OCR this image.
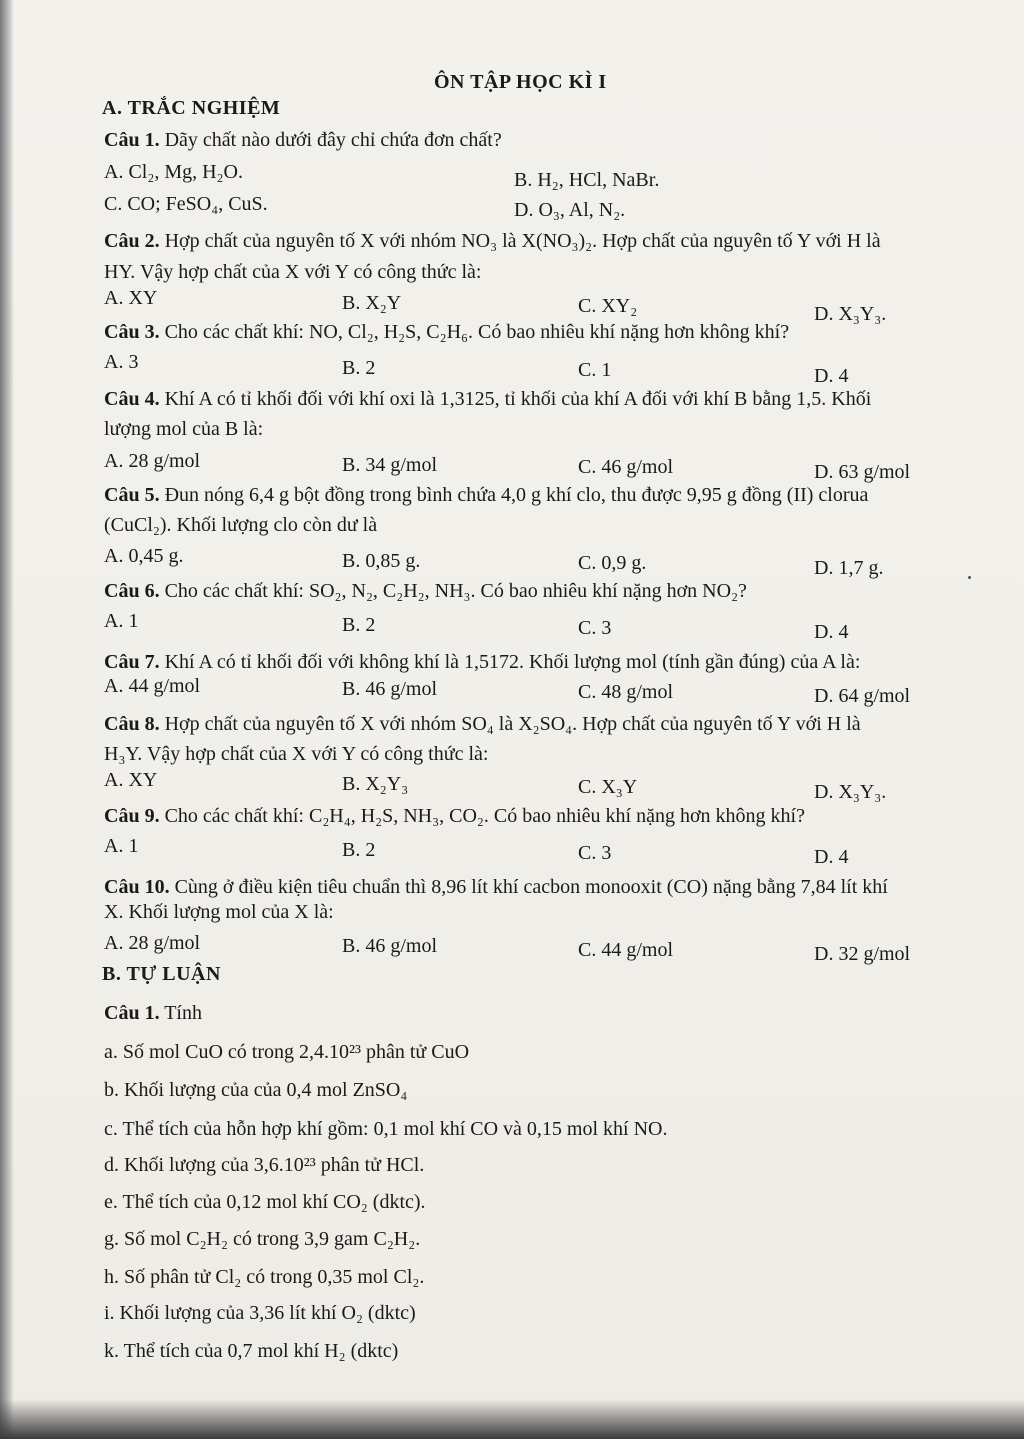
ÔN TẬP HỌC KÌ I
A. TRẮC NGHIỆM
Câu 1. Dãy chất nào dưới đây chỉ chứa đơn chất?
A. Cl₂, Mg, H₂O.	B. H₂, HCl, NaBr.
C. CO; FeSO₄, CuS.	D. O₃, Al, N₂.
Câu 2. Hợp chất của nguyên tố X với nhóm NO₃ là X(NO₃)₂. Hợp chất của nguyên tố Y với H là
HY. Vậy hợp chất của X với Y có công thức là:
A. XY	B. X₂Y	C. XY₂	D. X₃Y₃.
Câu 3. Cho các chất khí: NO, Cl₂, H₂S, C₂H₆. Có bao nhiêu khí nặng hơn không khí?
A. 3	B. 2	C. 1	D. 4
Câu 4. Khí A có tỉ khối đối với khí oxi là 1,3125, tỉ khối của khí A đối với khí B bằng 1,5. Khối
lượng mol của B là:
A. 28 g/mol	B. 34 g/mol	C. 46 g/mol	D. 63 g/mol
Câu 5. Đun nóng 6,4 g bột đồng trong bình chứa 4,0 g khí clo, thu được 9,95 g đồng (II) clorua
(CuCl₂). Khối lượng clo còn dư là
A. 0,45 g.	B. 0,85 g.	C. 0,9 g.	D. 1,7 g.
Câu 6. Cho các chất khí: SO₂, N₂, C₂H₂, NH₃. Có bao nhiêu khí nặng hơn NO₂?
A. 1	B. 2	C. 3	D. 4
Câu 7. Khí A có tỉ khối đối với không khí là 1,5172. Khối lượng mol (tính gần đúng) của A là:
A. 44 g/mol	B. 46 g/mol	C. 48 g/mol	D. 64 g/mol
Câu 8. Hợp chất của nguyên tố X với nhóm SO₄ là X₂SO₄. Hợp chất của nguyên tố Y với H là
H₃Y. Vậy hợp chất của X với Y có công thức là:
A. XY	B. X₂Y₃	C. X₃Y	D. X₃Y₃.
Câu 9. Cho các chất khí: C₂H₄, H₂S, NH₃, CO₂. Có bao nhiêu khí nặng hơn không khí?
A. 1	B. 2	C. 3	D. 4
Câu 10. Cùng ở điều kiện tiêu chuẩn thì 8,96 lít khí cacbon monooxit (CO) nặng bằng 7,84 lít khí
X. Khối lượng mol của X là:
A. 28 g/mol	B. 46 g/mol	C. 44 g/mol	D. 32 g/mol
B. TỰ LUẬN
Câu 1. Tính
a. Số mol CuO có trong 2,4.10²³ phân tử CuO
b. Khối lượng của của 0,4 mol ZnSO₄
c. Thể tích của hỗn hợp khí gồm: 0,1 mol khí CO và 0,15 mol khí NO.
d. Khối lượng của 3,6.10²³ phân tử HCl.
e. Thể tích của 0,12 mol khí CO₂ (dktc).
g. Số mol C₂H₂ có trong 3,9 gam C₂H₂.
h. Số phân tử Cl₂ có trong 0,35 mol Cl₂.
i. Khối lượng của 3,36 lít khí O₂ (dktc)
k. Thể tích của 0,7 mol khí H₂ (dktc)
